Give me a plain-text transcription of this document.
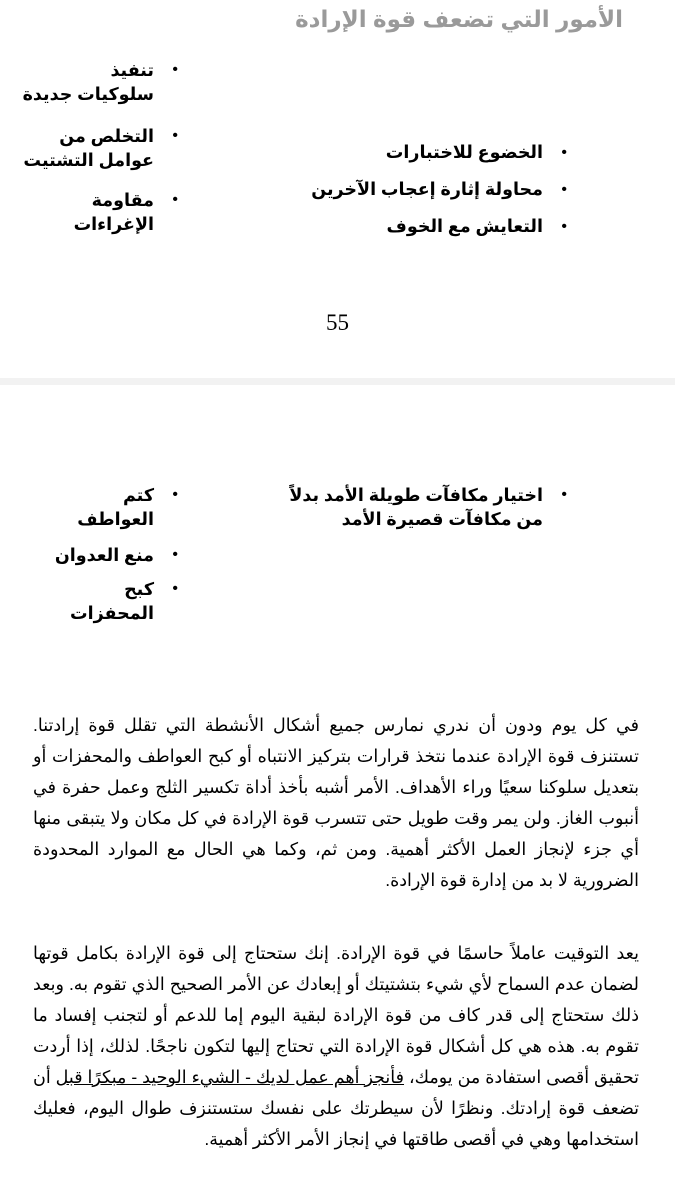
الأمور التي تضعف قوة الإرادة
• الخضوع للاختبارات
• محاولة إثارة إعجاب الآخرين
• التعايش مع الخوف
• تنفيذ
سلوكيات جديدة
• التخلص من
عوامل التشتيت
• مقاومة
الإغراءات
55
• اختيار مكافآت طويلة الأمد بدلاً
من مكافآت قصيرة الأمد
• كتم
العواطف
• منع العدوان
• كبح
المحفزات

في كل يوم ودون أن ندري نمارس جميع أشكال الأنشطة التي تقلل قوة إرادتنا. تستنزف قوة الإرادة عندما نتخذ قرارات بتركيز الانتباه أو كبح العواطف والمحفزات أو بتعديل سلوكنا سعيًا وراء الأهداف. الأمر أشبه بأخذ أداة تكسير الثلج وعمل حفرة في أنبوب الغاز. ولن يمر وقت طويل حتى تتسرب قوة الإرادة في كل مكان ولا يتبقى منها أي جزء لإنجاز العمل الأكثر أهمية. ومن ثم، وكما هي الحال مع الموارد المحدودة الضرورية لا بد من إدارة قوة الإرادة.

يعد التوقيت عاملاً حاسمًا في قوة الإرادة. إنك ستحتاج إلى قوة الإرادة بكامل قوتها لضمان عدم السماح لأي شيء بتشتيتك أو إبعادك عن الأمر الصحيح الذي تقوم به. وبعد ذلك ستحتاج إلى قدر كاف من قوة الإرادة لبقية اليوم إما للدعم أو لتجنب إفساد ما تقوم به. هذه هي كل أشكال قوة الإرادة التي تحتاج إليها لتكون ناجحًا. لذلك، إذا أردت تحقيق أقصى استفادة من يومك، فأنجز أهم عمل لديك - الشيء الوحيد - مبكرًا قبل أن تضعف قوة إرادتك. ونظرًا لأن سيطرتك على نفسك ستستنزف طوال اليوم، فعليك استخدامها وهي في أقصى طاقتها في إنجاز الأمر الأكثر أهمية.
